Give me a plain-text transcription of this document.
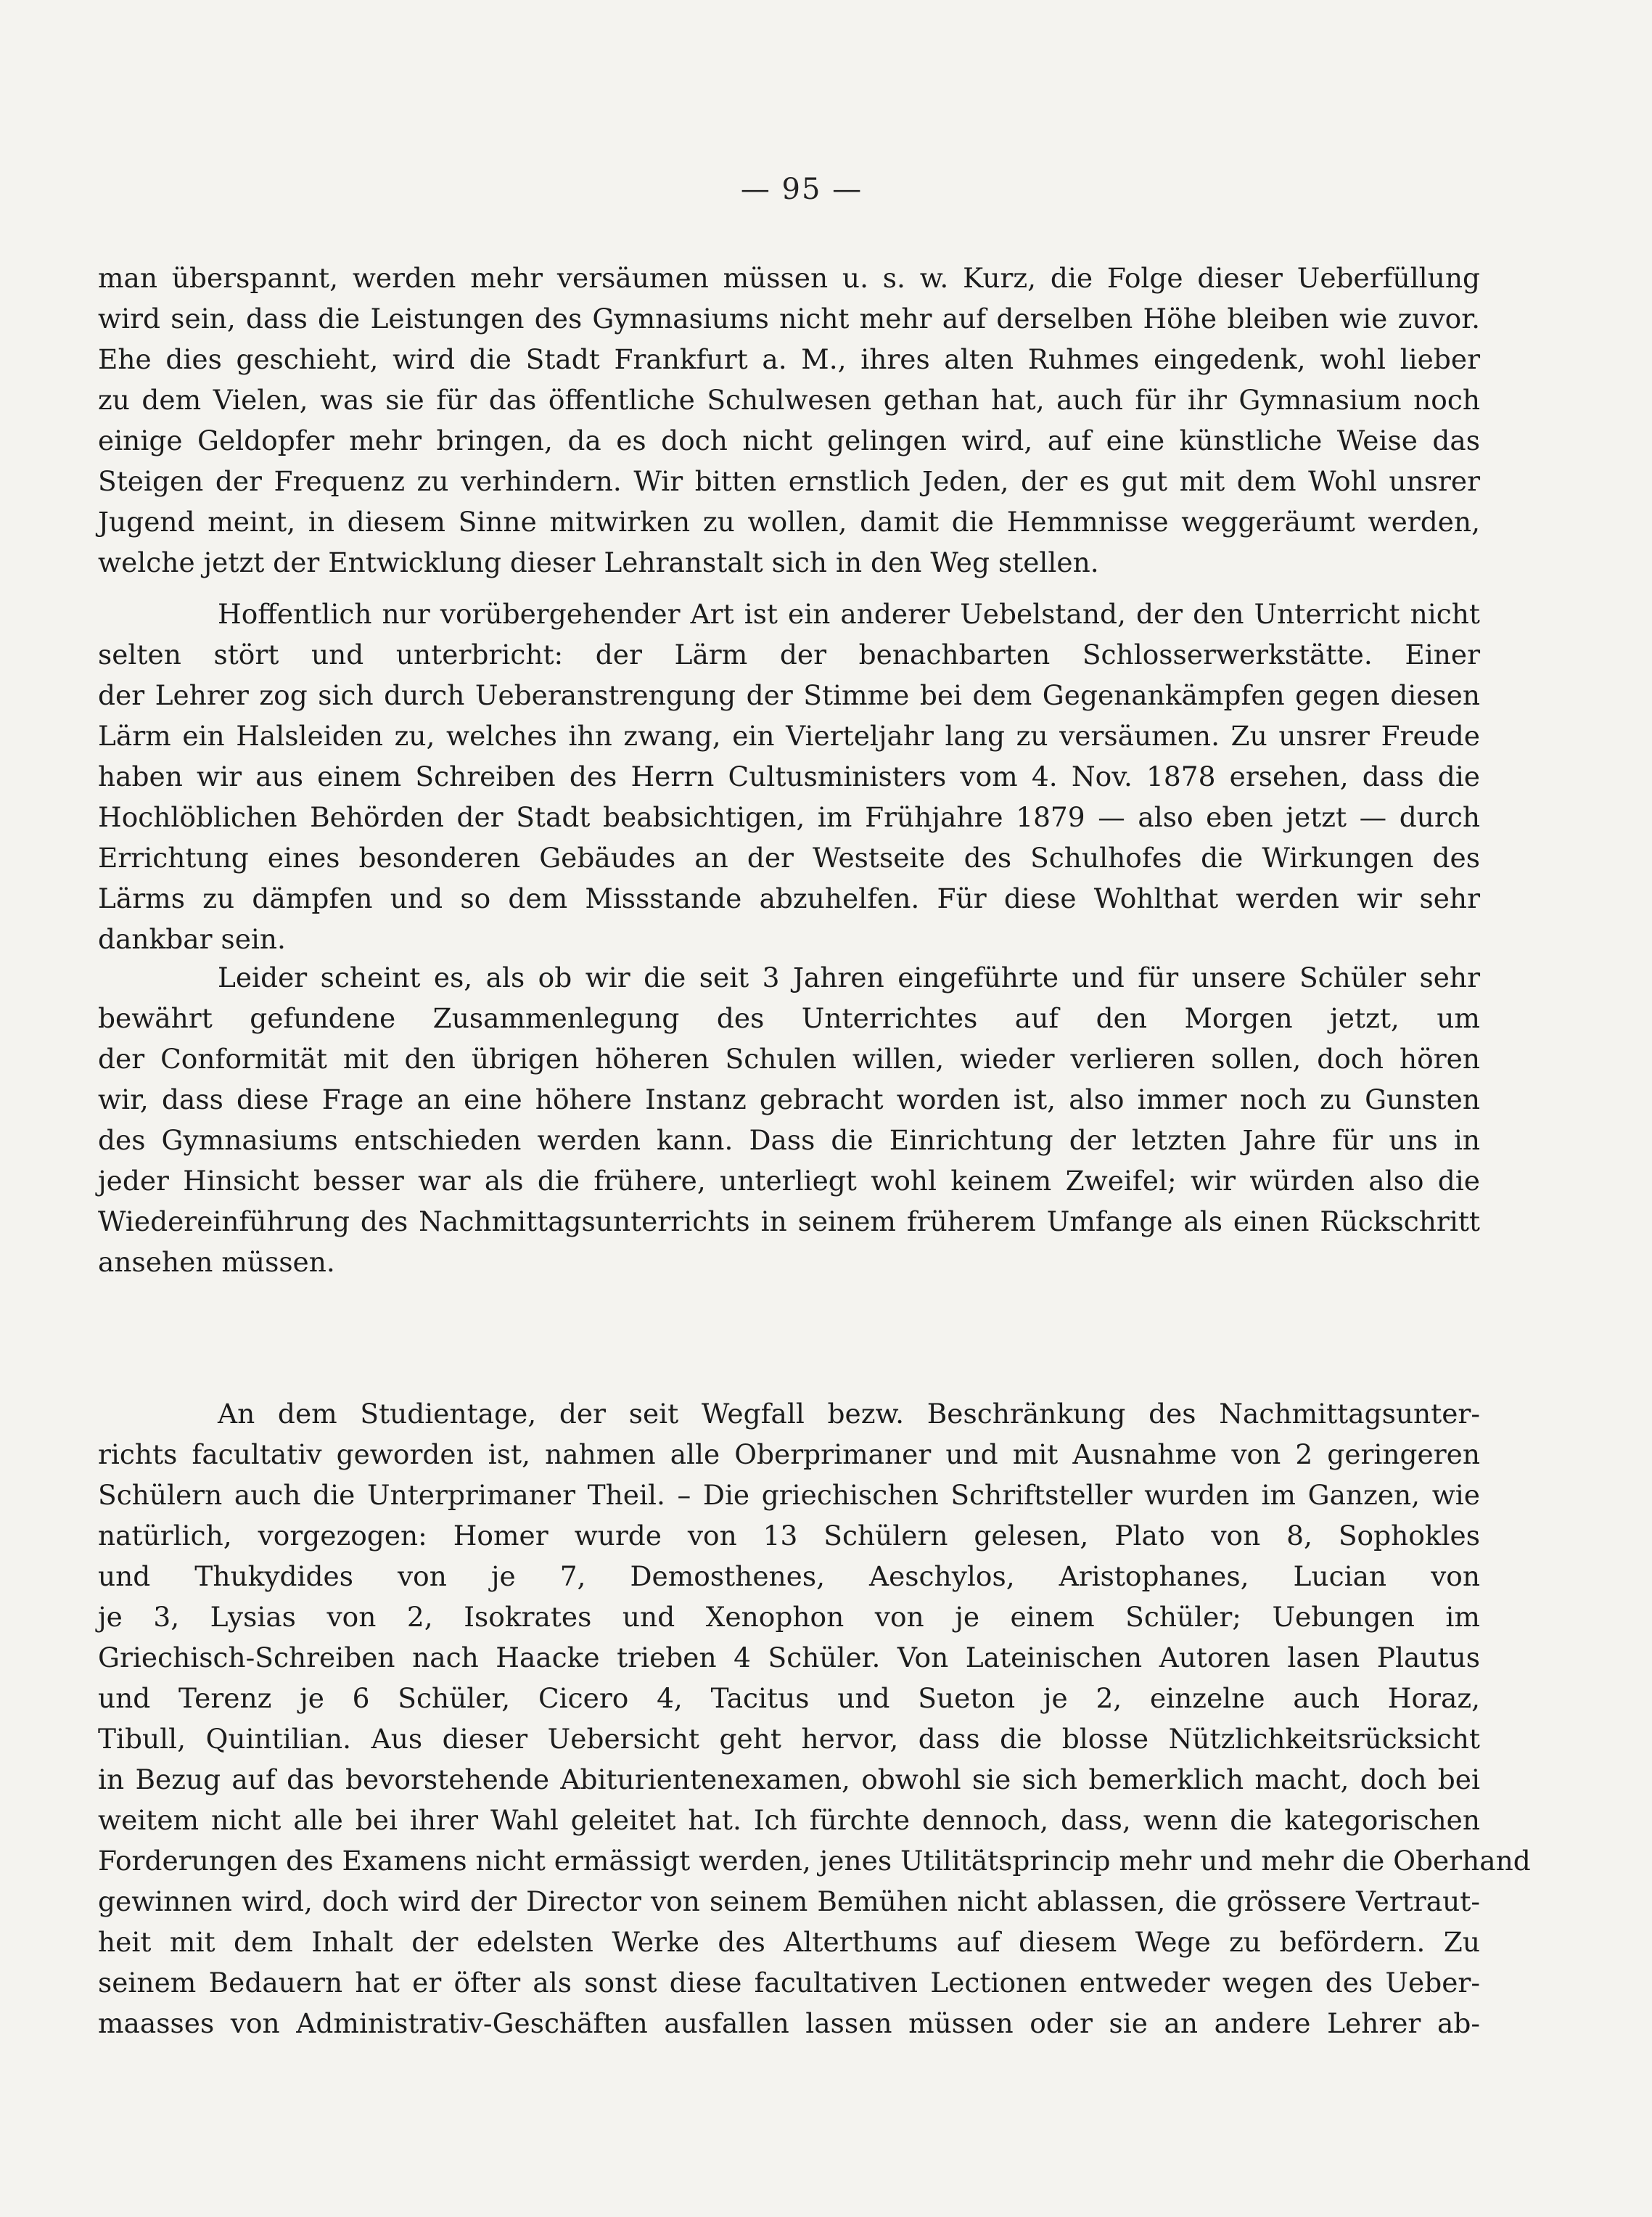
— 95 —
man überspannt, werden mehr versäumen müssen u. s. w. Kurz, die Folge dieser Ueberfüllung
wird sein, dass die Leistungen des Gymnasiums nicht mehr auf derselben Höhe bleiben wie zuvor.
Ehe dies geschieht, wird die Stadt Frankfurt a. M., ihres alten Ruhmes eingedenk, wohl lieber
zu dem Vielen, was sie für das öffentliche Schulwesen gethan hat, auch für ihr Gymnasium noch
einige Geldopfer mehr bringen, da es doch nicht gelingen wird, auf eine künstliche Weise das
Steigen der Frequenz zu verhindern. Wir bitten ernstlich Jeden, der es gut mit dem Wohl unsrer
Jugend meint, in diesem Sinne mitwirken zu wollen, damit die Hemmnisse weggeräumt werden,
welche jetzt der Entwicklung dieser Lehranstalt sich in den Weg stellen.
Hoffentlich nur vorübergehender Art ist ein anderer Uebelstand, der den Unterricht nicht
selten stört und unterbricht: der Lärm der benachbarten Schlosserwerkstätte. Einer
der Lehrer zog sich durch Ueberanstrengung der Stimme bei dem Gegenankämpfen gegen diesen
Lärm ein Halsleiden zu, welches ihn zwang, ein Vierteljahr lang zu versäumen. Zu unsrer Freude
haben wir aus einem Schreiben des Herrn Cultusministers vom 4. Nov. 1878 ersehen, dass die
Hochlöblichen Behörden der Stadt beabsichtigen, im Frühjahre 1879 — also eben jetzt — durch
Errichtung eines besonderen Gebäudes an der Westseite des Schulhofes die Wirkungen des
Lärms zu dämpfen und so dem Missstande abzuhelfen. Für diese Wohlthat werden wir sehr
dankbar sein.
Leider scheint es, als ob wir die seit 3 Jahren eingeführte und für unsere Schüler sehr
bewährt gefundene Zusammenlegung des Unterrichtes auf den Morgen jetzt, um
der Conformität mit den übrigen höheren Schulen willen, wieder verlieren sollen, doch hören
wir, dass diese Frage an eine höhere Instanz gebracht worden ist, also immer noch zu Gunsten
des Gymnasiums entschieden werden kann. Dass die Einrichtung der letzten Jahre für uns in
jeder Hinsicht besser war als die frühere, unterliegt wohl keinem Zweifel; wir würden also die
Wiedereinführung des Nachmittagsunterrichts in seinem früherem Umfange als einen Rückschritt
ansehen müssen.
An dem Studientage, der seit Wegfall bezw. Beschränkung des Nachmittagsunter-
richts facultativ geworden ist, nahmen alle Oberprimaner und mit Ausnahme von 2 geringeren
Schülern auch die Unterprimaner Theil. – Die griechischen Schriftsteller wurden im Ganzen, wie
natürlich, vorgezogen: Homer wurde von 13 Schülern gelesen, Plato von 8, Sophokles
und Thukydides von je 7, Demosthenes, Aeschylos, Aristophanes, Lucian von
je 3, Lysias von 2, Isokrates und Xenophon von je einem Schüler; Uebungen im
Griechisch-Schreiben nach Haacke trieben 4 Schüler. Von Lateinischen Autoren lasen Plautus
und Terenz je 6 Schüler, Cicero 4, Tacitus und Sueton je 2, einzelne auch Horaz,
Tibull, Quintilian. Aus dieser Uebersicht geht hervor, dass die blosse Nützlichkeitsrücksicht
in Bezug auf das bevorstehende Abiturientenexamen, obwohl sie sich bemerklich macht, doch bei
weitem nicht alle bei ihrer Wahl geleitet hat. Ich fürchte dennoch, dass, wenn die kategorischen
Forderungen des Examens nicht ermässigt werden, jenes Utilitätsprincip mehr und mehr die Oberhand
gewinnen wird, doch wird der Director von seinem Bemühen nicht ablassen, die grössere Vertraut-
heit mit dem Inhalt der edelsten Werke des Alterthums auf diesem Wege zu befördern. Zu
seinem Bedauern hat er öfter als sonst diese facultativen Lectionen entweder wegen des Ueber-
maasses von Administrativ-Geschäften ausfallen lassen müssen oder sie an andere Lehrer ab-
